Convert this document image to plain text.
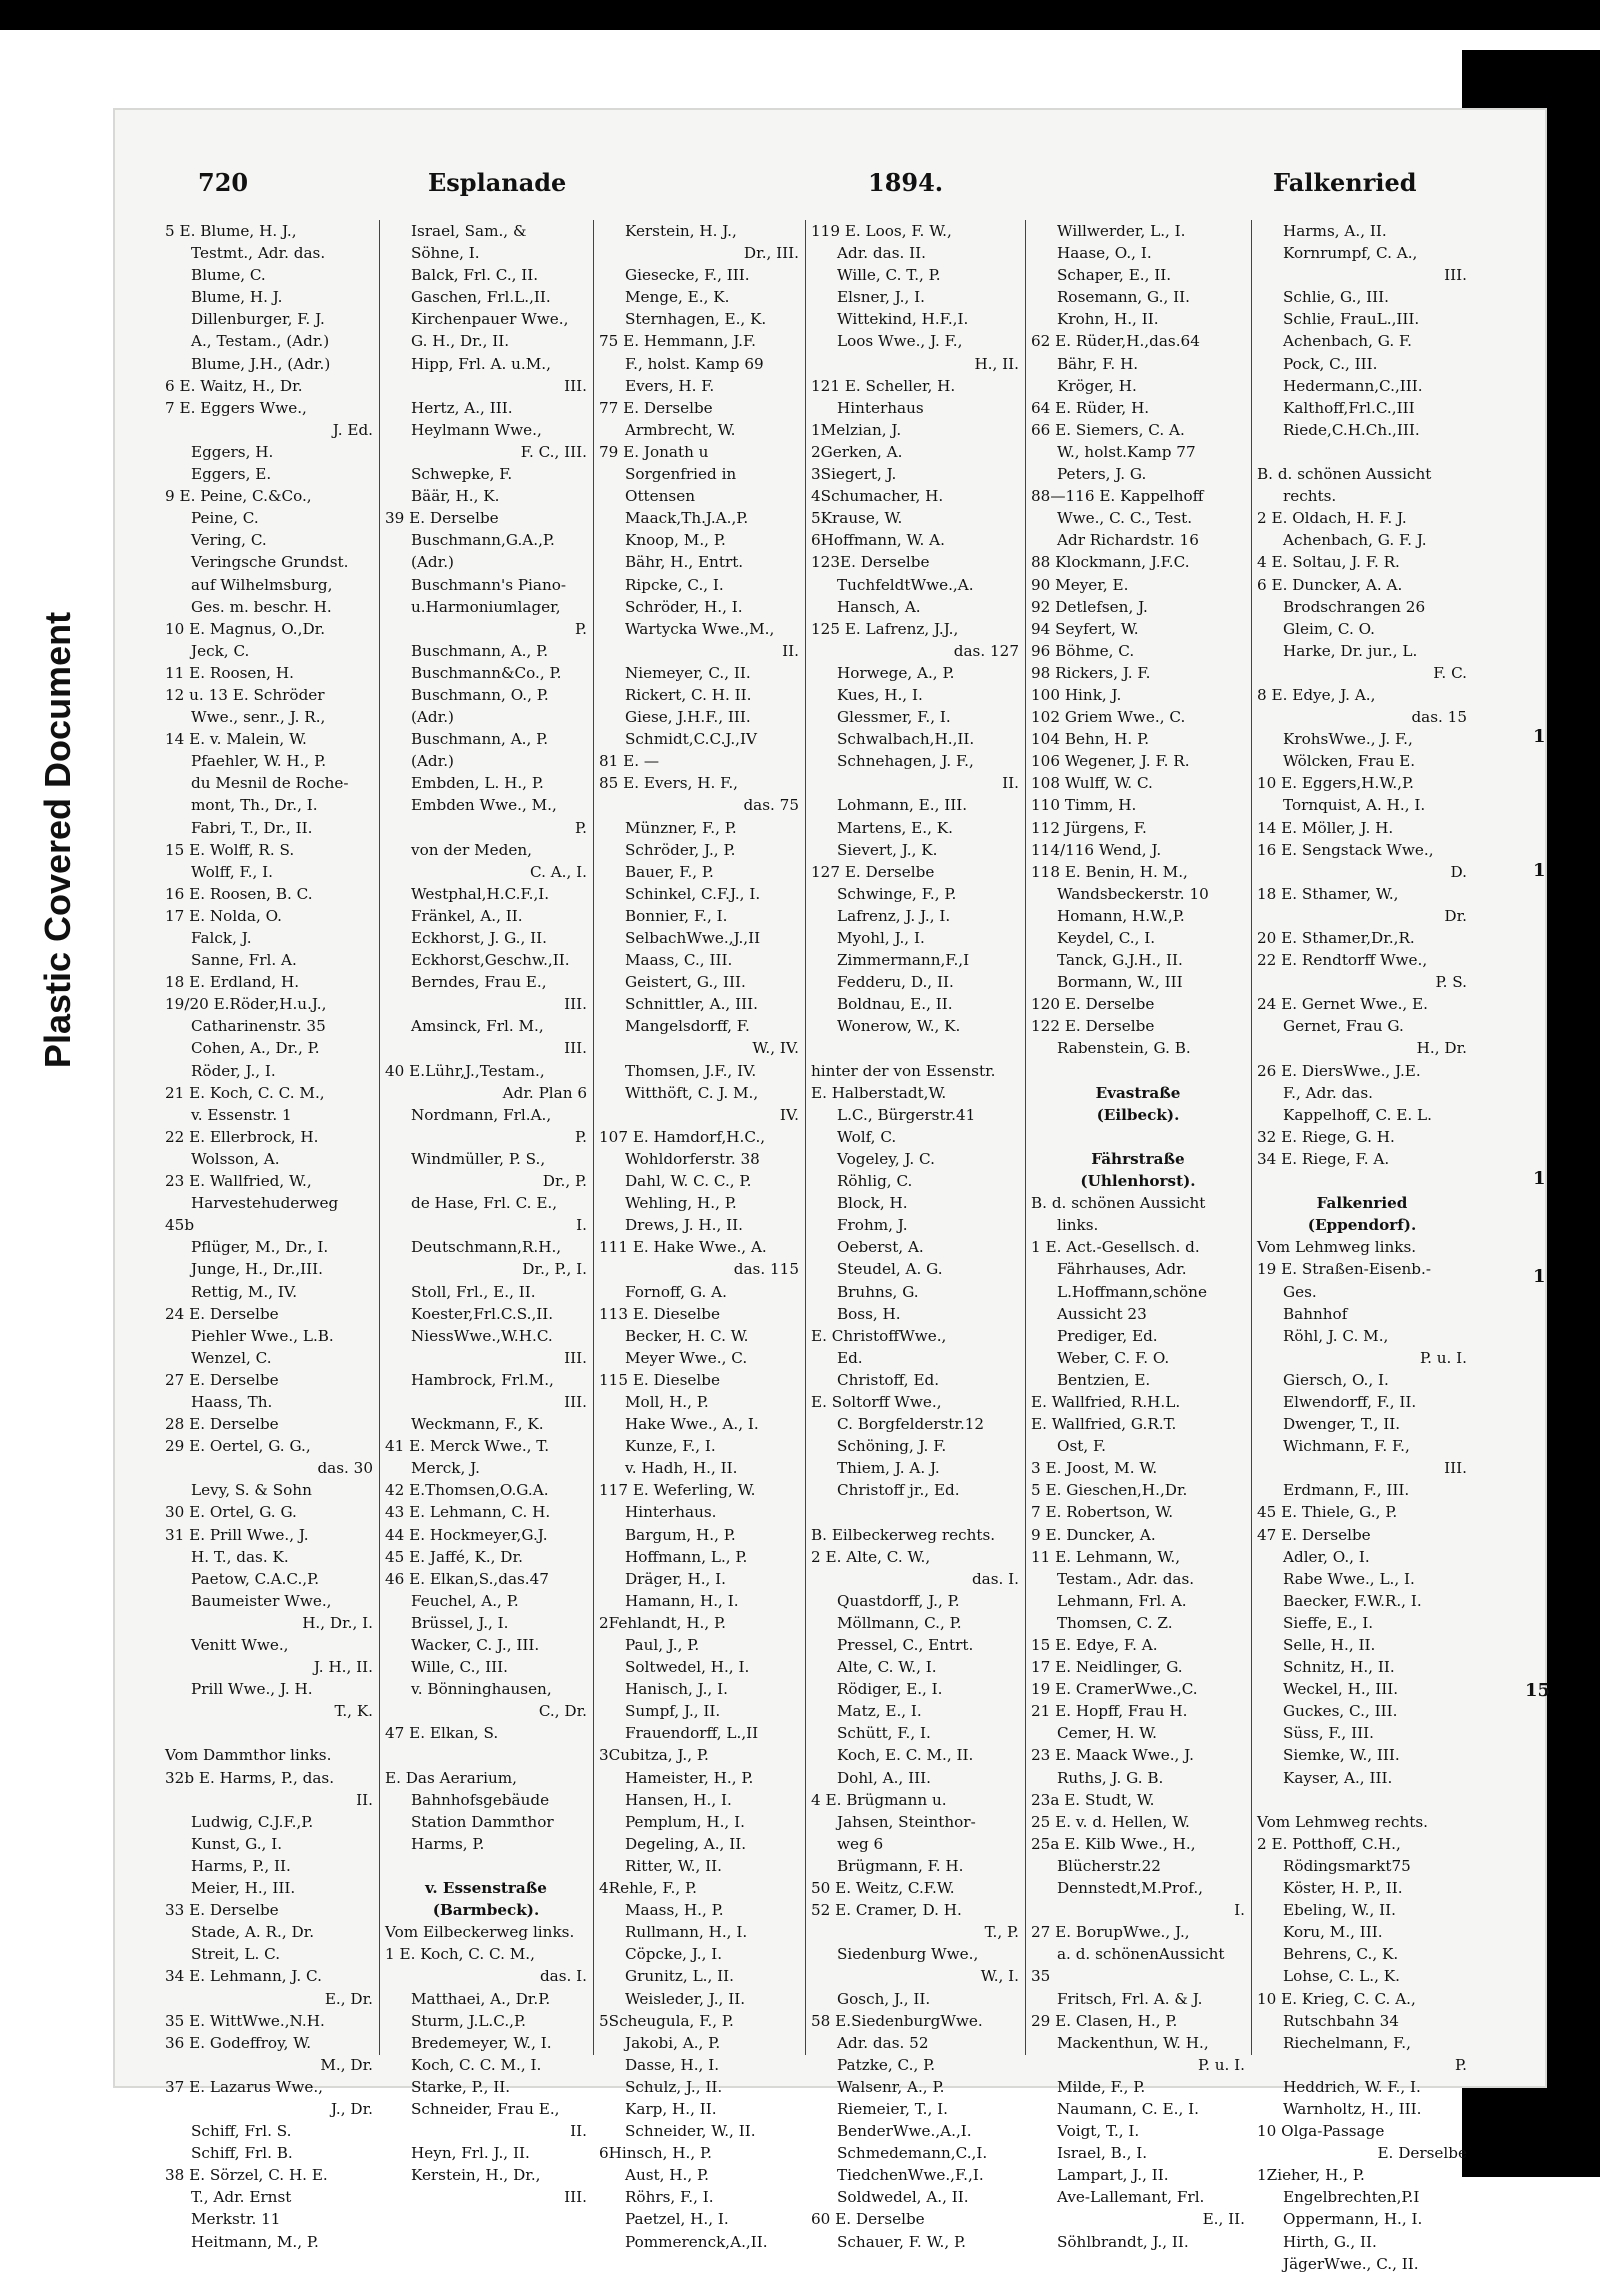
Plastic Covered Document
720	Esplanade	1894.	Falkenried
5 E. Blume, H. J.,
Testmt., Adr. das.
Blume, C.
Blume, H. J.
Dillenburger, F. J.
A., Testam., (Adr.)
Blume, J.H., (Adr.)
6 E. Waitz, H., Dr.
7 E. Eggers Wwe.,
J. Ed.
Eggers, H.
Eggers, E.
9 E. Peine, C.&Co.,
Peine, C.
Vering, C.
Veringsche Grundst.
auf Wilhelmsburg,
Ges. m. beschr. H.
10 E. Magnus, O.,Dr.
Jeck, C.
11 E. Roosen, H.
12 u. 13 E. Schröder
Wwe., senr., J. R.,
14 E. v. Malein, W.
Pfaehler, W. H., P.
du Mesnil de Roche-
mont, Th., Dr., I.
Fabri, T., Dr., II.
15 E. Wolff, R. S.
Wolff, F., I.
16 E. Roosen, B. C.
17 E. Nolda, O.
Falck, J.
Sanne, Frl. A.
18 E. Erdland, H.
19/20 E.Röder,H.u.J.,
Catharinenstr. 35
Cohen, A., Dr., P.
Röder, J., I.
21 E. Koch, C. C. M.,
v. Essenstr. 1
22 E. Ellerbrock, H.
Wolsson, A.
23 E. Wallfried, W.,
Harvestehuderweg
45b
Pflüger, M., Dr., I.
Junge, H., Dr.,III.
Rettig, M., IV.
24 E. Derselbe
Piehler Wwe., L.B.
Wenzel, C.
27 E. Derselbe
Haass, Th.
28 E. Derselbe
29 E. Oertel, G. G.,
das. 30
Levy, S. & Sohn
30 E. Ortel, G. G.
31 E. Prill Wwe., J.
H. T., das. K.
Paetow, C.A.C.,P.
Baumeister Wwe.,
H., Dr., I.
Venitt Wwe.,
J. H., II.
Prill Wwe., J. H.
T., K.
Vom Dammthor links.
32b E. Harms, P., das.
II.
Ludwig, C.J.F.,P.
Kunst, G., I.
Harms, P., II.
Meier, H., III.
33 E. Derselbe
Stade, A. R., Dr.
Streit, L. C.
34 E. Lehmann, J. C.
E., Dr.
35 E. WittWwe.,N.H.
36 E. Godeffroy, W.
M., Dr.
37 E. Lazarus Wwe.,
J., Dr.
Schiff, Frl. S.
Schiff, Frl. B.
38 E. Sörzel, C. H. E.
T., Adr. Ernst
Merkstr. 11
Heitmann, M., P.
Israel, Sam., &
Söhne, I.
Balck, Frl. C., II.
Gaschen, Frl.L.,II.
Kirchenpauer Wwe.,
G. H., Dr., II.
Hipp, Frl. A. u.M.,
III.
Hertz, A., III.
Heylmann Wwe.,
F. C., III.
Schwepke, F.
Bäär, H., K.
39 E. Derselbe
Buschmann,G.A.,P.
(Adr.)
Buschmann's Piano-
u.Harmoniumlager,
P.
Buschmann, A., P.
Buschmann&Co., P.
Buschmann, O., P.
(Adr.)
Buschmann, A., P.
(Adr.)
Embden, L. H., P.
Embden Wwe., M.,
P.
von der Meden,
C. A., I.
Westphal,H.C.F.,I.
Fränkel, A., II.
Eckhorst, J. G., II.
Eckhorst,Geschw.,II.
Berndes, Frau E.,
III.
Amsinck, Frl. M.,
III.
40 E.Lühr,J.,Testam.,
Adr. Plan 6
Nordmann, Frl.A.,
P.
Windmüller, P. S.,
Dr., P.
de Hase, Frl. C. E.,
I.
Deutschmann,R.H.,
Dr., P., I.
Stoll, Frl., E., II.
Koester,Frl.C.S.,II.
NiessWwe.,W.H.C.
III.
Hambrock, Frl.M.,
III.
Weckmann, F., K.
41 E. Merck Wwe., T.
Merck, J.
42 E.Thomsen,O.G.A.
43 E. Lehmann, C. H.
44 E. Hockmeyer,G.J.
45 E. Jaffé, K., Dr.
46 E. Elkan,S.,das.47
Feuchel, A., P.
Brüssel, J., I.
Wacker, C. J., III.
Wille, C., III.
v. Bönninghausen,
C., Dr.
47 E. Elkan, S.
E. Das Aerarium,
Bahnhofsgebäude
Station Dammthor
Harms, P.
v. Essenstraße
(Barmbeck).
Vom Eilbeckerweg links.
1 E. Koch, C. C. M.,
das. I.
Matthaei, A., Dr.P.
Sturm, J.L.C.,P.
Bredemeyer, W., I.
Koch, C. C. M., I.
Starke, P., II.
Schneider, Frau E.,
II.
Heyn, Frl. J., II.
Kerstein, H., Dr.,
III.
Kerstein, H. J.,
Dr., III.
Giesecke, F., III.
Menge, E., K.
Sternhagen, E., K.
75 E. Hemmann, J.F.
F., holst. Kamp 69
Evers, H. F.
77 E. Derselbe
Armbrecht, W.
79 E. Jonath u
Sorgenfried in
Ottensen
Maack,Th.J.A.,P.
Knoop, M., P.
Bähr, H., Entrt.
Ripcke, C., I.
Schröder, H., I.
Wartycka Wwe.,M.,
II.
Niemeyer, C., II.
Rickert, C. H. II.
Giese, J.H.F., III.
Schmidt,C.C.J.,IV
81 E. —
85 E. Evers, H. F.,
das. 75
Münzner, F., P.
Schröder, J., P.
Bauer, F., P.
Schinkel, C.F.J., I.
Bonnier, F., I.
SelbachWwe.,J.,II
Maass, C., III.
Geistert, G., III.
Schnittler, A., III.
Mangelsdorff, F.
W., IV.
Thomsen, J.F., IV.
Witthöft, C. J. M.,
IV.
107 E. Hamdorf,H.C.,
Wohldorferstr. 38
Dahl, W. C. C., P.
Wehling, H., P.
Drews, J. H., II.
111 E. Hake Wwe., A.
das. 115
Fornoff, G. A.
113 E. Dieselbe
Becker, H. C. W.
Meyer Wwe., C.
115 E. Dieselbe
Moll, H., P.
Hake Wwe., A., I.
Kunze, F., I.
v. Hadh, H., II.
117 E. Weferling, W.
Hinterhaus.
Bargum, H., P.
Hoffmann, L., P.
Dräger, H., I.
Hamann, H., I.
2Fehlandt, H., P.
Paul, J., P.
Soltwedel, H., I.
Hanisch, J., I.
Sumpf, J., II.
Frauendorff, L.,II
3Cubitza, J., P.
Hameister, H., P.
Hansen, H., I.
Pemplum, H., I.
Degeling, A., II.
Ritter, W., II.
4Rehle, F., P.
Maass, H., P.
Rullmann, H., I.
Cöpcke, J., I.
Grunitz, L., II.
Weisleder, J., II.
5Scheugula, F., P.
Jakobi, A., P.
Dasse, H., I.
Schulz, J., II.
Karp, H., II.
Schneider, W., II.
6Hinsch, H., P.
Aust, H., P.
Röhrs, F., I.
Paetzel, H., I.
Pommerenck,A.,II.
119 E. Loos, F. W.,
Adr. das. II.
Wille, C. T., P.
Elsner, J., I.
Wittekind, H.F.,I.
Loos Wwe., J. F.,
H., II.
121 E. Scheller, H.
Hinterhaus
1Melzian, J.
2Gerken, A.
3Siegert, J.
4Schumacher, H.
5Krause, W.
6Hoffmann, W. A.
123E. Derselbe
TuchfeldtWwe.,A.
Hansch, A.
125 E. Lafrenz, J.J.,
das. 127
Horwege, A., P.
Kues, H., I.
Glessmer, F., I.
Schwalbach,H.,II.
Schnehagen, J. F.,
II.
Lohmann, E., III.
Martens, E., K.
Sievert, J., K.
127 E. Derselbe
Schwinge, F., P.
Lafrenz, J. J., I.
Myohl, J., I.
Zimmermann,F.,I
Fedderu, D., II.
Boldnau, E., II.
Wonerow, W., K.
hinter der von Essenstr.
E. Halberstadt,W.
L.C., Bürgerstr.41
Wolf, C.
Vogeley, J. C.
Röhlig, C.
Block, H.
Frohm, J.
Oeberst, A.
Steudel, A. G.
Bruhns, G.
Boss, H.
E. ChristoffWwe.,
Ed.
Christoff, Ed.
E. Soltorff Wwe.,
C. Borgfelderstr.12
Schöning, J. F.
Thiem, J. A. J.
Christoff jr., Ed.
B. Eilbeckerweg rechts.
2 E. Alte, C. W.,
das. I.
Quastdorff, J., P.
Möllmann, C., P.
Pressel, C., Entrt.
Alte, C. W., I.
Rödiger, E., I.
Matz, E., I.
Schütt, F., I.
Koch, E. C. M., II.
Dohl, A., III.
4 E. Brügmann u.
Jahsen, Steinthor-
weg 6
Brügmann, F. H.
50 E. Weitz, C.F.W.
52 E. Cramer, D. H.
T., P.
Siedenburg Wwe.,
W., I.
Gosch, J., II.
58 E.SiedenburgWwe.
Adr. das. 52
Patzke, C., P.
Walsenr, A., P.
Riemeier, T., I.
BenderWwe.,A.,I.
Schmedemann,C.,I.
TiedchenWwe.,F.,I.
Soldwedel, A., II.
60 E. Derselbe
Schauer, F. W., P.
Willwerder, L., I.
Haase, O., I.
Schaper, E., II.
Rosemann, G., II.
Krohn, H., II.
62 E. Rüder,H.,das.64
Bähr, F. H.
Kröger, H.
64 E. Rüder, H.
66 E. Siemers, C. A.
W., holst.Kamp 77
Peters, J. G.
88—116 E. Kappelhoff
Wwe., C. C., Test.
Adr Richardstr. 16
88 Klockmann, J.F.C.
90 Meyer, E.
92 Detlefsen, J.
94 Seyfert, W.
96 Böhme, C.
98 Rickers, J. F.
100 Hink, J.
102 Griem Wwe., C.
104 Behn, H. P.
106 Wegener, J. F. R.
108 Wulff, W. C.
110 Timm, H.
112 Jürgens, F.
114/116 Wend, J.
118 E. Benin, H. M.,
Wandsbeckerstr. 10
Homann, H.W.,P.
Keydel, C., I.
Tanck, G.J.H., II.
Bormann, W., III
120 E. Derselbe
122 E. Derselbe
Rabenstein, G. B.
Evastraße
(Eilbeck).
Fährstraße
(Uhlenhorst).
B. d. schönen Aussicht
links.
1 E. Act.-Gesellsch. d.
Fährhauses, Adr.
L.Hoffmann,schöne
Aussicht 23
Prediger, Ed.
Weber, C. F. O.
Bentzien, E.
E. Wallfried, R.H.L.
E. Wallfried, G.R.T.
Ost, F.
3 E. Joost, M. W.
5 E. Gieschen,H.,Dr.
7 E. Robertson, W.
9 E. Duncker, A.
11 E. Lehmann, W.,
Testam., Adr. das.
Lehmann, Frl. A.
Thomsen, C. Z.
15 E. Edye, F. A.
17 E. Neidlinger, G.
19 E. CramerWwe.,C.
21 E. Hopff, Frau H.
Cemer, H. W.
23 E. Maack Wwe., J.
Ruths, J. G. B.
23a E. Studt, W.
25 E. v. d. Hellen, W.
25a E. Kilb Wwe., H.,
Blücherstr.22
Dennstedt,M.Prof.,
I.
27 E. BorupWwe., J.,
a. d. schönenAussicht
35
Fritsch, Frl. A. & J.
29 E. Clasen, H., P.
Mackenthun, W. H.,
P. u. I.
Milde, F., P.
Naumann, C. E., I.
Voigt, T., I.
Israel, B., I.
Lampart, J., II.
Ave-Lallemant, Frl.
E., II.
Söhlbrandt, J., II.
Harms, A., II.
Kornrumpf, C. A.,
III.
Schlie, G., III.
Schlie, FrauL.,III.
Achenbach, G. F.
Pock, C., III.
Hedermann,C.,III.
Kalthoff,Frl.C.,III
Riede,C.H.Ch.,III.
B. d. schönen Aussicht
rechts.
2 E. Oldach, H. F. J.
Achenbach, G. F. J.
4 E. Soltau, J. F. R.
6 E. Duncker, A. A.
Brodschrangen 26
Gleim, C. O.
Harke, Dr. jur., L.
F. C.
8 E. Edye, J. A.,
das. 15
KrohsWwe., J. F.,
Wölcken, Frau E.
10 E. Eggers,H.W.,P.
Tornquist, A. H., I.
14 E. Möller, J. H.
16 E. Sengstack Wwe.,
D.
18 E. Sthamer, W.,
Dr.
20 E. Sthamer,Dr.,R.
22 E. Rendtorff Wwe.,
P. S.
24 E. Gernet Wwe., E.
Gernet, Frau G.
H., Dr.
26 E. DiersWwe., J.E.
F., Adr. das.
Kappelhoff, C. E. L.
32 E. Riege, G. H.
34 E. Riege, F. A.
Falkenried
(Eppendorf).
Vom Lehmweg links.
19 E. Straßen-Eisenb.-
Ges.
Bahnhof
Röhl, J. C. M.,
P. u. I.
Giersch, O., I.
Elwendorff, F., II.
Dwenger, T., II.
Wichmann, F. F.,
III.
Erdmann, F., III.
45 E. Thiele, G., P.
47 E. Derselbe
Adler, O., I.
Rabe Wwe., L., I.
Baecker, F.W.R., I.
Sieffe, E., I.
Selle, H., II.
Schnitz, H., II.
Weckel, H., III.
Guckes, C., III.
Süss, F., III.
Siemke, W., III.
Kayser, A., III.
Vom Lehmweg rechts.
2 E. Potthoff, C.H.,
Rödingsmarkt75
Köster, H. P., II.
Ebeling, W., II.
Koru, M., III.
Behrens, C., K.
Lohse, C. L., K.
10 E. Krieg, C. C. A.,
Rutschbahn 34
Riechelmann, F.,
P.
Heddrich, W. F., I.
Warnholtz, H., III.
10 Olga-Passage
E. Derselbe
1Zieher, H., P.
Engelbrechten,P.I
Oppermann, H., I.
Hirth, G., II.
JägerWwe., C., II.
1
1
1
1
15
